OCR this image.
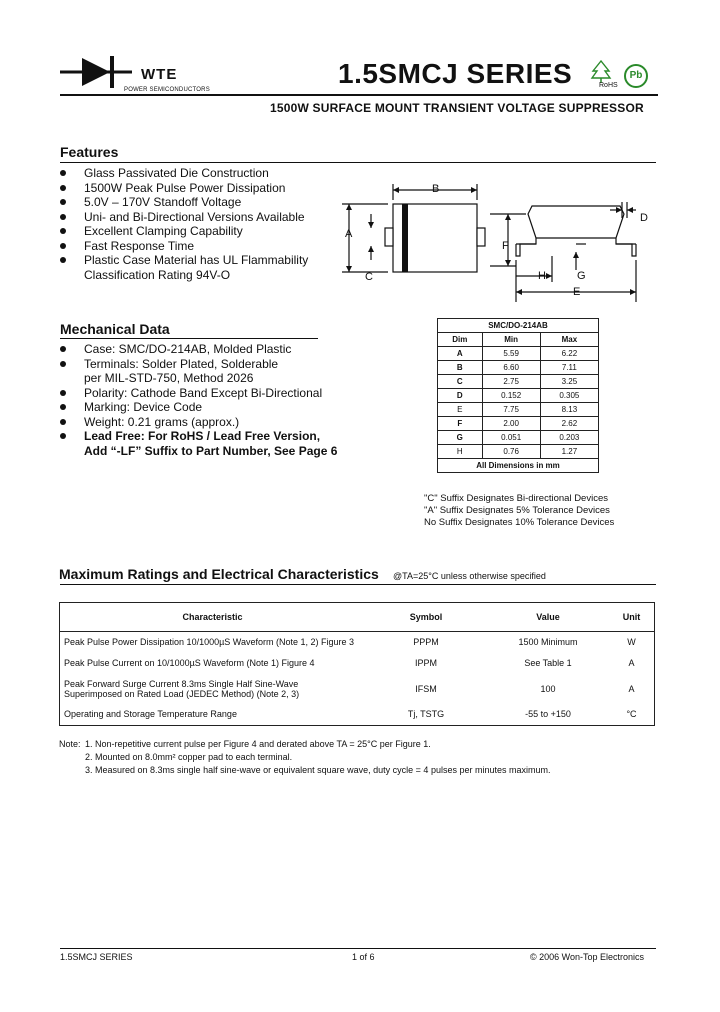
WTE
POWER SEMICONDUCTORS
1.5SMCJ SERIES	RoHS
Pb
1500W SURFACE MOUNT TRANSIENT VOLTAGE SUPPRESSOR
Features
Glass Passivated Die Construction
1500W Peak Pulse Power Dissipation
5.0V – 170V Standoff Voltage
Uni- and Bi-Directional Versions Available
Excellent Clamping Capability
Fast Response Time
Plastic Case Material has UL Flammability
Classification Rating 94V-O
B
A
C
D
F
H	G
E
Mechanical Data
Case: SMC/DO-214AB, Molded Plastic
Terminals: Solder Plated, Solderable
per MIL-STD-750, Method 2026
Polarity: Cathode Band Except Bi-Directional
Marking: Device Code
Weight: 0.21 grams (approx.)
Lead Free: For RoHS / Lead Free Version,
Add “-LF” Suffix to Part Number, See Page 6
SMC/DO-214AB		
Dim	Min	Max
A	5.59	6.22
B	6.60	7.11
C	2.75	3.25
D	0.152	0.305
E	7.75	8.13
F	2.00	2.62
G	0.051	0.203
H	0.76	1.27
All Dimensions in mm		
"C" Suffix Designates Bi-directional Devices
"A" Suffix Designates 5% Tolerance Devices
No Suffix Designates 10% Tolerance Devices
Maximum Ratings and Electrical Characteristics @TA=25°C unless otherwise specified
Characteristic	Symbol	Value	Unit
Peak Pulse Power Dissipation 10/1000µS Waveform (Note 1, 2) Figure 3	PPPM	1500 Minimum	W
Peak Pulse Current on 10/1000µS Waveform (Note 1) Figure 4	IPPM	See Table 1	A

Peak Forward Surge Current 8.3ms Single Half Sine-Wave
Superimposed on Rated Load (JEDEC Method) (Note 2, 3)	IFSM	100	A
Operating and Storage Temperature Range	Tj, TSTG	-55 to +150	°C
Note: 1. Non-repetitive current pulse per Figure 4 and derated above TA = 25°C per Figure 1.
2. Mounted on 8.0mm² copper pad to each terminal.
3. Measured on 8.3ms single half sine-wave or equivalent square wave, duty cycle = 4 pulses per minutes maximum.
1.5SMCJ SERIES	1 of 6	© 2006 Won-Top Electronics
